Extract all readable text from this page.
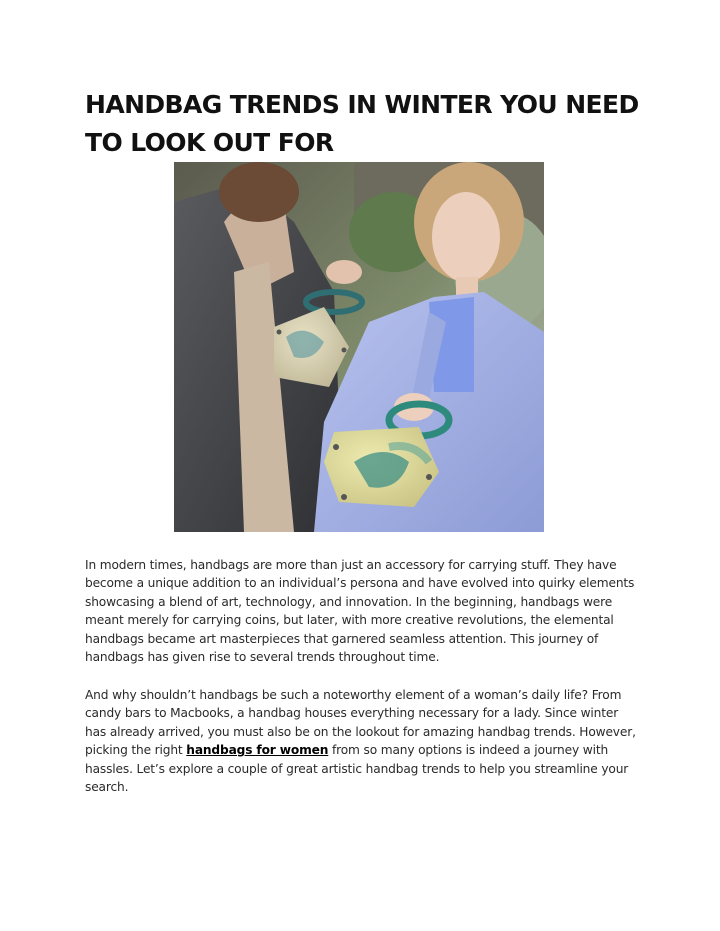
HANDBAG TRENDS IN WINTER YOU NEED TO LOOK OUT FOR

In modern times, handbags are more than just an accessory for carrying stuff. They have become a unique addition to an individual’s persona and have evolved into quirky elements showcasing a blend of art, technology, and innovation. In the beginning, handbags were meant merely for carrying coins, but later, with more creative revolutions, the elemental handbags became art masterpieces that garnered seamless attention. This journey of handbags has given rise to several trends throughout time.

And why shouldn’t handbags be such a noteworthy element of a woman’s daily life? From candy bars to Macbooks, a handbag houses everything necessary for a lady. Since winter has already arrived, you must also be on the lookout for amazing handbag trends. However, picking the right handbags for women from so many options is indeed a journey with hassles. Let’s explore a couple of great artistic handbag trends to help you streamline your search.
